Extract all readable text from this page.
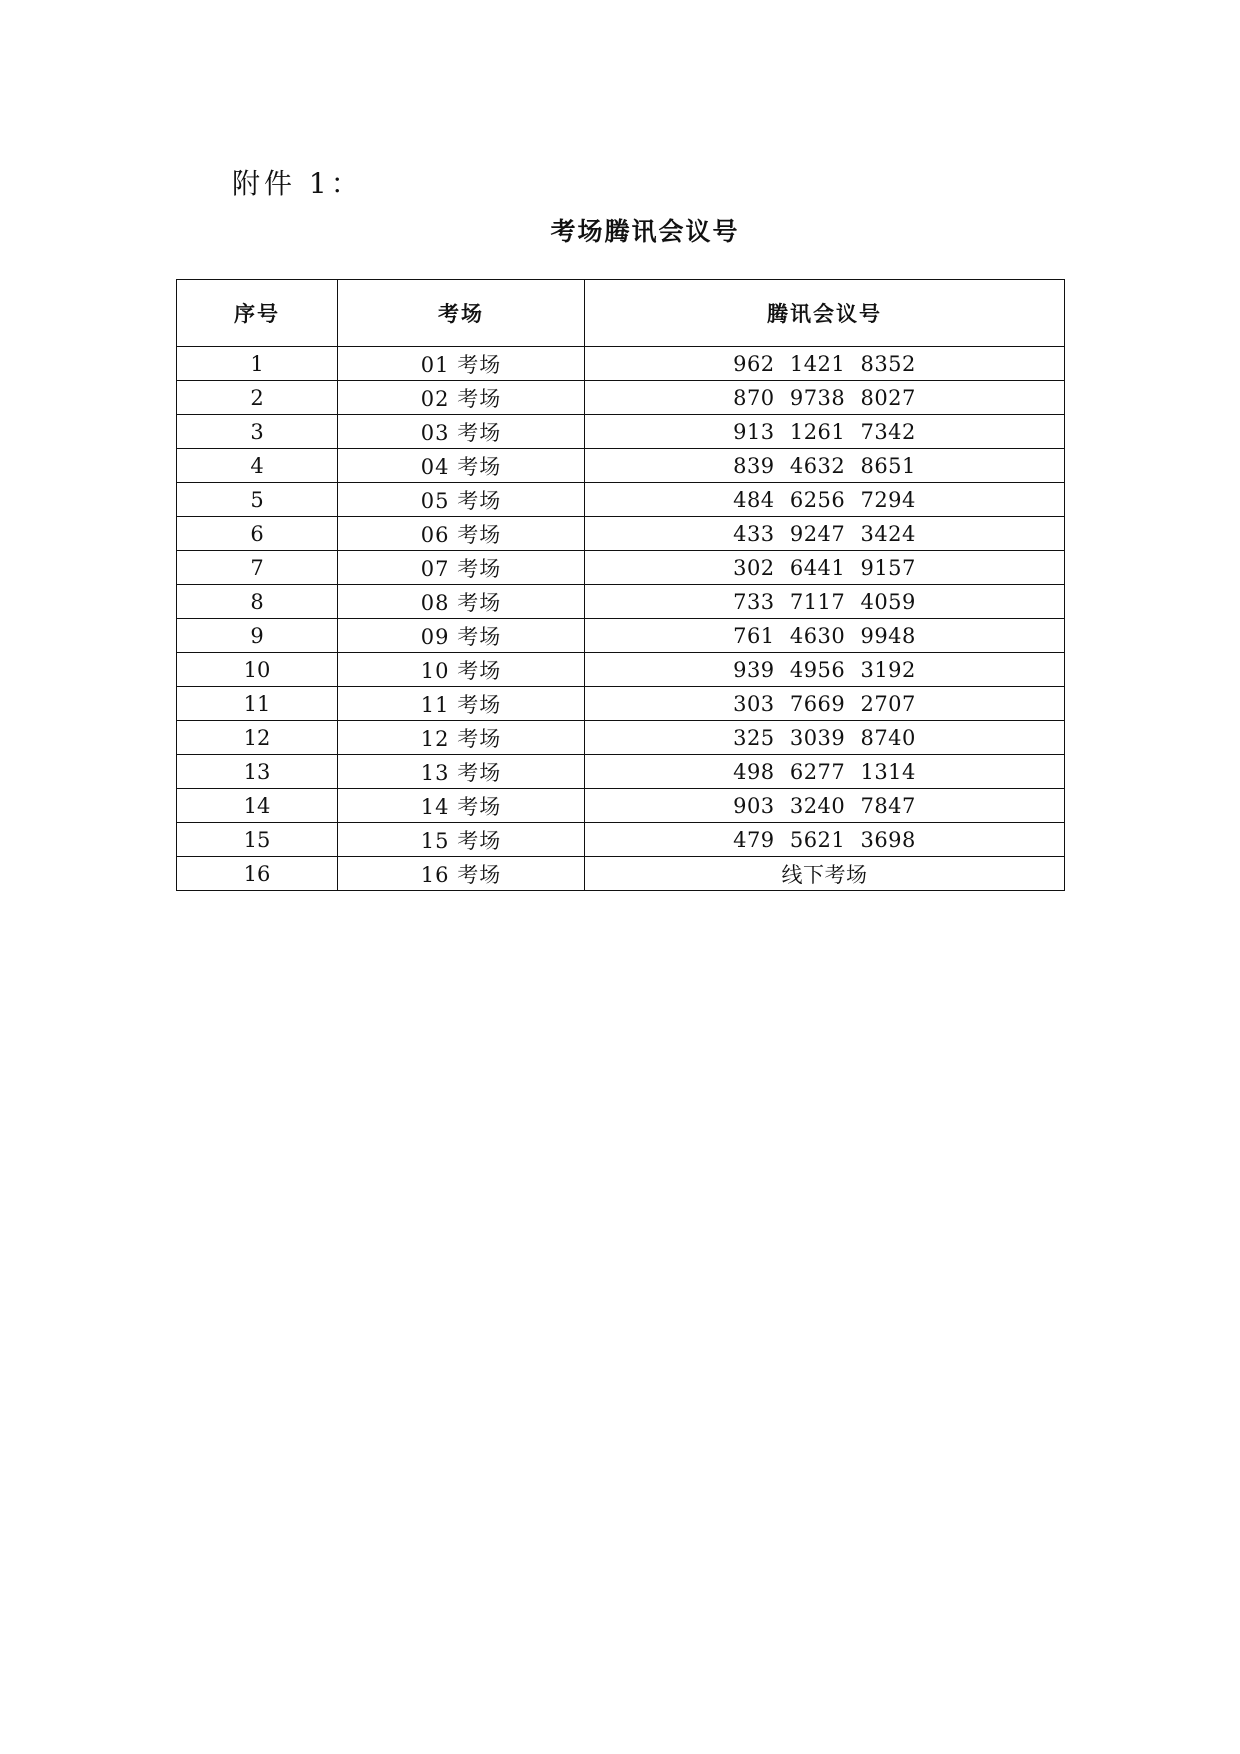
附件 1：
考场腾讯会议号
序号	考场	腾讯会议号
1	01 考场	962 1421 8352
2	02 考场	870 9738 8027
3	03 考场	913 1261 7342
4	04 考场	839 4632 8651
5	05 考场	484 6256 7294
6	06 考场	433 9247 3424
7	07 考场	302 6441 9157
8	08 考场	733 7117 4059
9	09 考场	761 4630 9948
10	10 考场	939 4956 3192
11	11 考场	303 7669 2707
12	12 考场	325 3039 8740
13	13 考场	498 6277 1314
14	14 考场	903 3240 7847
15	15 考场	479 5621 3698
16	16 考场	线下考场
